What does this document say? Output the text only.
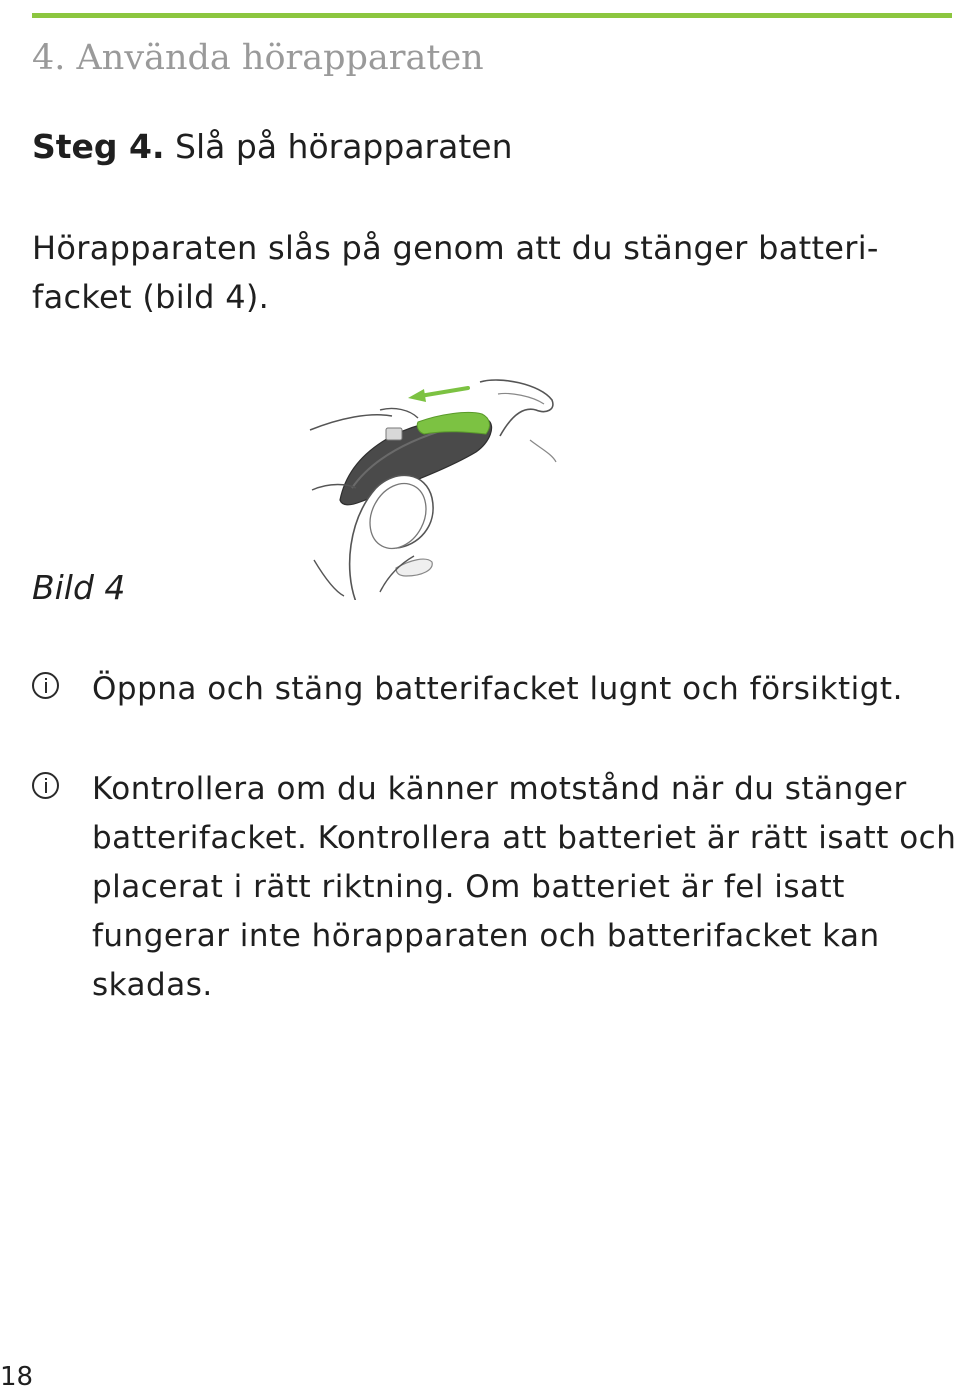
4. Använda hörapparaten
Steg 4. Slå på hörapparaten
Hörapparaten slås på genom att du stänger batteri-facket (bild 4).
Bild 4
Öppna och stäng batterifacket lugnt och försiktigt.
Kontrollera om du känner motstånd när du stänger batterifacket. Kontrollera att batteriet är rätt isatt och placerat i rätt riktning. Om batteriet är fel isatt fungerar inte hörapparaten och batterifacket kan skadas.
18
